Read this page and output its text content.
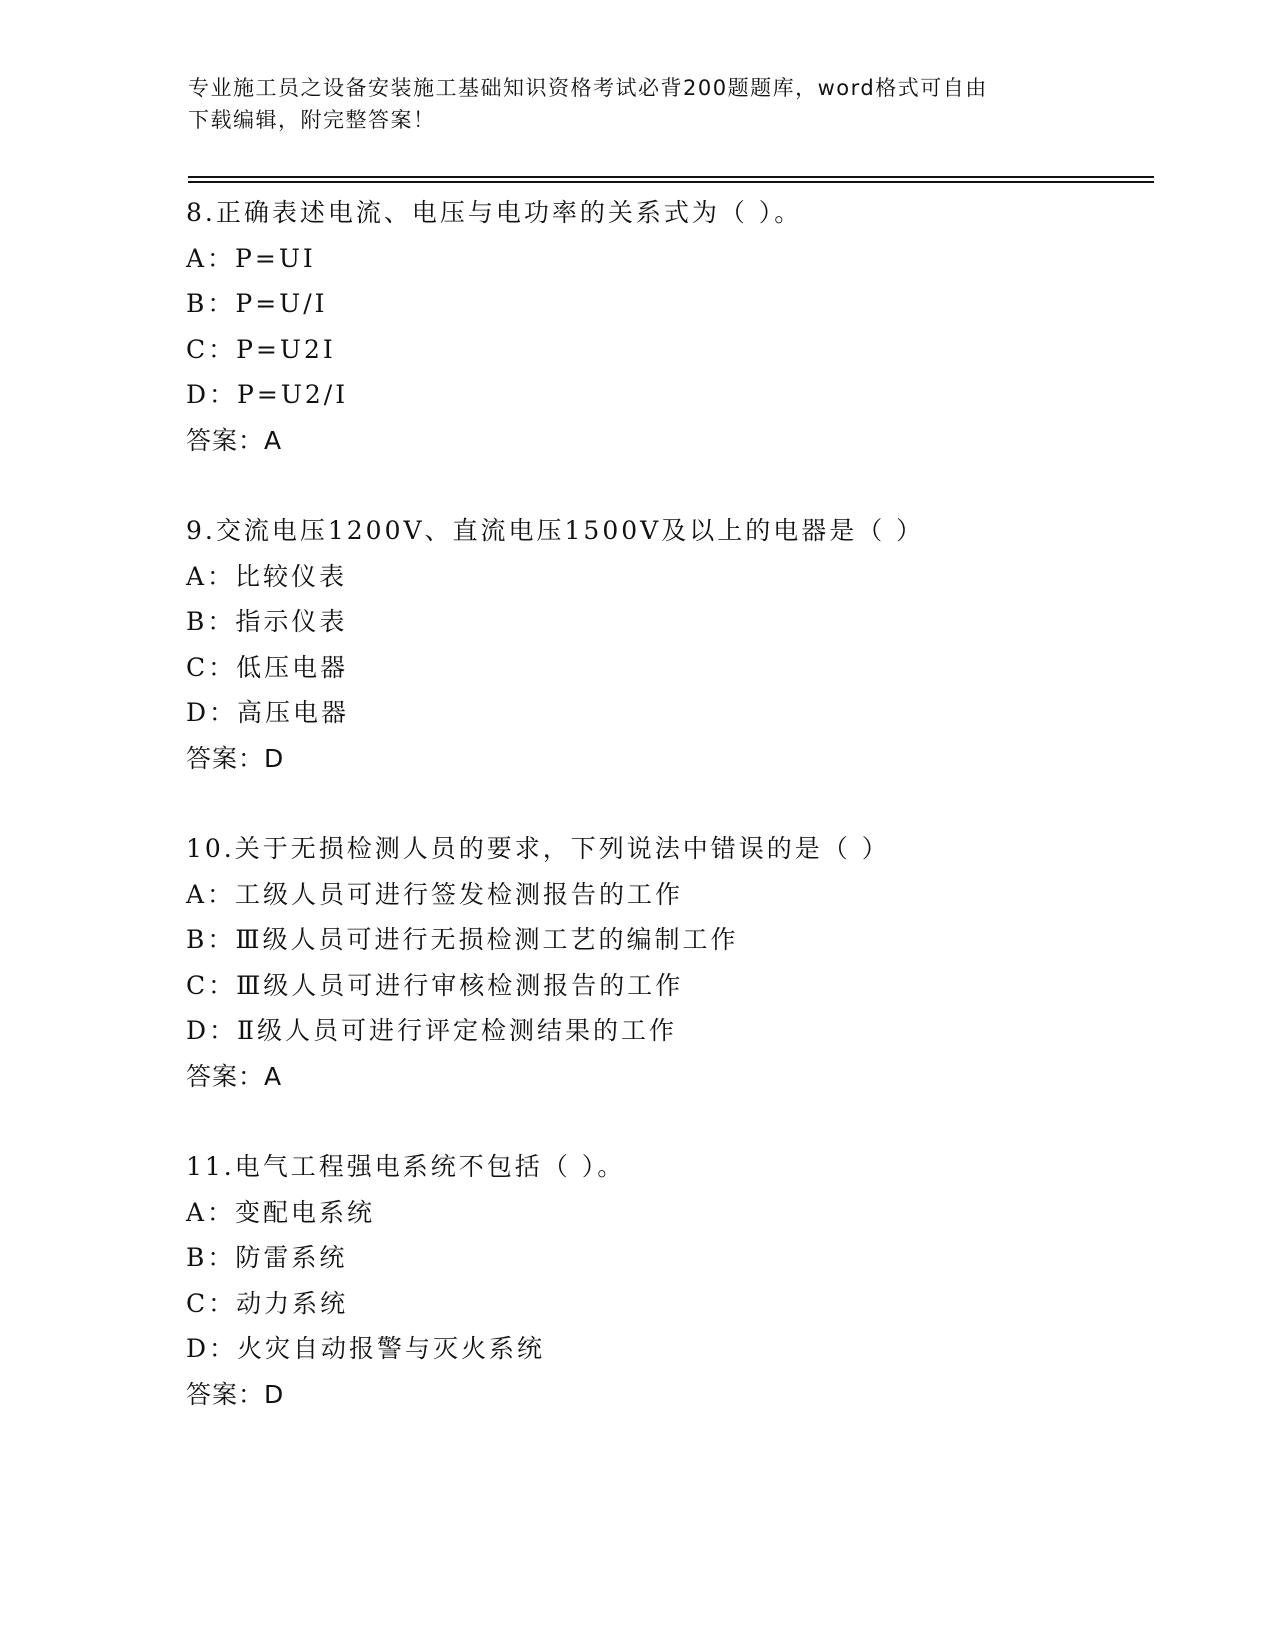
专业施工员之设备安装施工基础知识资格考试必背200题题库，word格式可自由
下载编辑，附完整答案！
8.正确表述电流、电压与电功率的关系式为（ ）。
A：P=UI
B：P=U/I
C：P=U2I
D：P=U2/I
答案：A
9.交流电压1200V、直流电压1500V及以上的电器是（ ）
A：比较仪表
B：指示仪表
C：低压电器
D：高压电器
答案：D
10.关于无损检测人员的要求，下列说法中错误的是（ ）
A：工级人员可进行签发检测报告的工作
B：Ⅲ级人员可进行无损检测工艺的编制工作
C：Ⅲ级人员可进行审核检测报告的工作
D：Ⅱ级人员可进行评定检测结果的工作
答案：A
11.电气工程强电系统不包括（ ）。
A：变配电系统
B：防雷系统
C：动力系统
D：火灾自动报警与灭火系统
答案：D
